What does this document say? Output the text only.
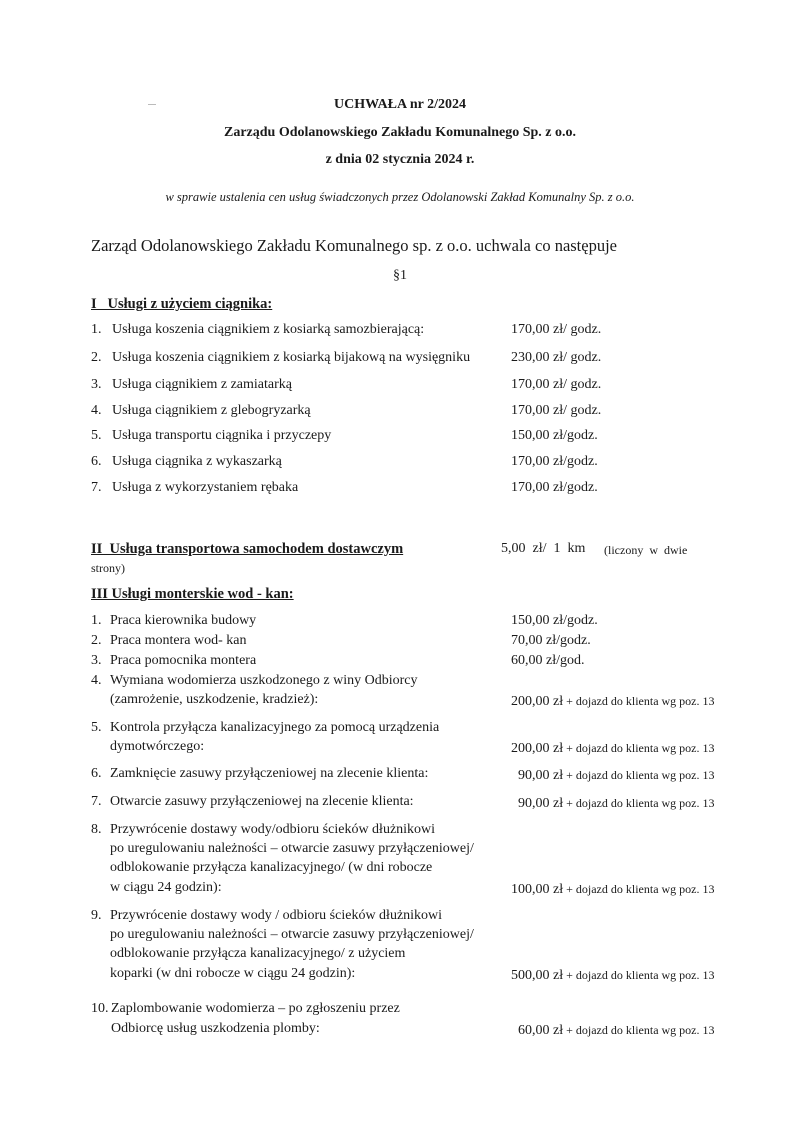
UCHWAŁA nr 2/2024
Zarządu Odolanowskiego Zakładu Komunalnego Sp. z o.o.
z dnia 02 stycznia 2024 r.
w sprawie ustalenia cen usług świadczonych przez Odolanowski Zakład Komunalny Sp. z o.o.
Zarząd Odolanowskiego Zakładu Komunalnego sp. z o.o. uchwala co następuje
§1
I   Usługi z użyciem ciągnika:
1. Usługa koszenia ciągnikiem z kosiarką samozbierającą:	170,00 zł/ godz.
2. Usługa koszenia ciągnikiem z kosiarką bijakową na wysięgniku	230,00 zł/ godz.
3. Usługa ciągnikiem z zamiatarką	170,00 zł/ godz.
4. Usługa ciągnikiem z glebogryzarką	170,00 zł/ godz.
5. Usługa transportu ciągnika i przyczepy	150,00 zł/godz.
6. Usługa ciągnika z wykaszarką	170,00 zł/godz.
7. Usługa z wykorzystaniem rębaka	170,00 zł/godz.
II  Usługa transportowa samochodem dostawczym	5,00  zł/  1  km (liczony  w  dwie
strony)
III Usługi monterskie wod - kan:
1. Praca kierownika budowy	150,00 zł/godz.
2. Praca montera wod- kan	70,00 zł/godz.
3. Praca pomocnika montera	60,00 zł/god.
4. Wymiana wodomierza uszkodzonego z winy Odbiorcy
(zamrożenie, uszkodzenie, kradzież):	200,00 zł + dojazd do klienta wg poz. 13
5. Kontrola przyłącza kanalizacyjnego za pomocą urządzenia
dymotwórczego:	200,00 zł + dojazd do klienta wg poz. 13
6. Zamknięcie zasuwy przyłączeniowej na zlecenie klienta:	90,00 zł + dojazd do klienta wg poz. 13
7. Otwarcie zasuwy przyłączeniowej na zlecenie klienta:	90,00 zł + dojazd do klienta wg poz. 13
8. Przywrócenie dostawy wody/odbioru ścieków dłużnikowi
po uregulowaniu należności – otwarcie zasuwy przyłączeniowej/
odblokowanie przyłącza kanalizacyjnego/ (w dni robocze
w ciągu 24 godzin):	100,00 zł + dojazd do klienta wg poz. 13
9. Przywrócenie dostawy wody / odbioru ścieków dłużnikowi
po uregulowaniu należności – otwarcie zasuwy przyłączeniowej/
odblokowanie przyłącza kanalizacyjnego/ z użyciem
koparki (w dni robocze w ciągu 24 godzin):	500,00 zł + dojazd do klienta wg poz. 13
10. Zaplombowanie wodomierza – po zgłoszeniu przez
Odbiorcę usług uszkodzenia plomby:	60,00 zł + dojazd do klienta wg poz. 13
